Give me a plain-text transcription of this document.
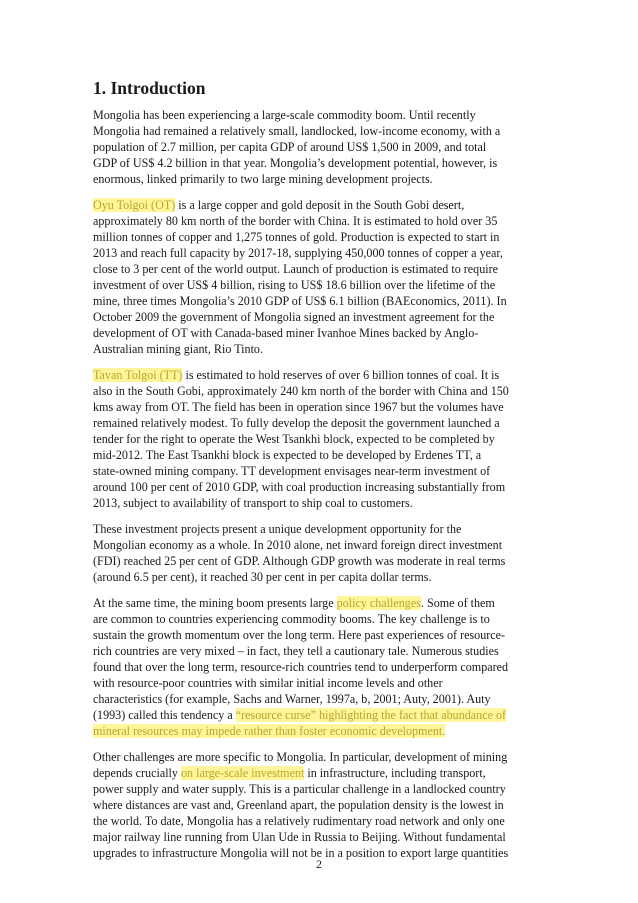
1. Introduction
Mongolia has been experiencing a large-scale commodity boom. Until recently
Mongolia had remained a relatively small, landlocked, low-income economy, with a
population of 2.7 million, per capita GDP of around US$ 1,500 in 2009, and total
GDP of US$ 4.2 billion in that year. Mongolia’s development potential, however, is
enormous, linked primarily to two large mining development projects.
Oyu Tolgoi (OT) is a large copper and gold deposit in the South Gobi desert,
approximately 80 km north of the border with China. It is estimated to hold over 35
million tonnes of copper and 1,275 tonnes of gold. Production is expected to start in
2013 and reach full capacity by 2017-18, supplying 450,000 tonnes of copper a year,
close to 3 per cent of the world output. Launch of production is estimated to require
investment of over US$ 4 billion, rising to US$ 18.6 billion over the lifetime of the
mine, three times Mongolia’s 2010 GDP of US$ 6.1 billion (BAEconomics, 2011). In
October 2009 the government of Mongolia signed an investment agreement for the
development of OT with Canada-based miner Ivanhoe Mines backed by Anglo-
Australian mining giant, Rio Tinto.
Tavan Tolgoi (TT) is estimated to hold reserves of over 6 billion tonnes of coal. It is
also in the South Gobi, approximately 240 km north of the border with China and 150
kms away from OT. The field has been in operation since 1967 but the volumes have
remained relatively modest. To fully develop the deposit the government launched a
tender for the right to operate the West Tsankhi block, expected to be completed by
mid-2012. The East Tsankhi block is expected to be developed by Erdenes TT, a
state-owned mining company. TT development envisages near-term investment of
around 100 per cent of 2010 GDP, with coal production increasing substantially from
2013, subject to availability of transport to ship coal to customers.
These investment projects present a unique development opportunity for the
Mongolian economy as a whole. In 2010 alone, net inward foreign direct investment
(FDI) reached 25 per cent of GDP. Although GDP growth was moderate in real terms
(around 6.5 per cent), it reached 30 per cent in per capita dollar terms.
At the same time, the mining boom presents large policy challenges. Some of them
are common to countries experiencing commodity booms. The key challenge is to
sustain the growth momentum over the long term. Here past experiences of resource-
rich countries are very mixed – in fact, they tell a cautionary tale. Numerous studies
found that over the long term, resource-rich countries tend to underperform compared
with resource-poor countries with similar initial income levels and other
characteristics (for example, Sachs and Warner, 1997a, b, 2001; Auty, 2001). Auty
(1993) called this tendency a “resource curse” highlighting the fact that abundance of
mineral resources may impede rather than foster economic development.
Other challenges are more specific to Mongolia. In particular, development of mining
depends crucially on large-scale investment in infrastructure, including transport,
power supply and water supply. This is a particular challenge in a landlocked country
where distances are vast and, Greenland apart, the population density is the lowest in
the world. To date, Mongolia has a relatively rudimentary road network and only one
major railway line running from Ulan Ude in Russia to Beijing. Without fundamental
upgrades to infrastructure Mongolia will not be in a position to export large quantities
2
